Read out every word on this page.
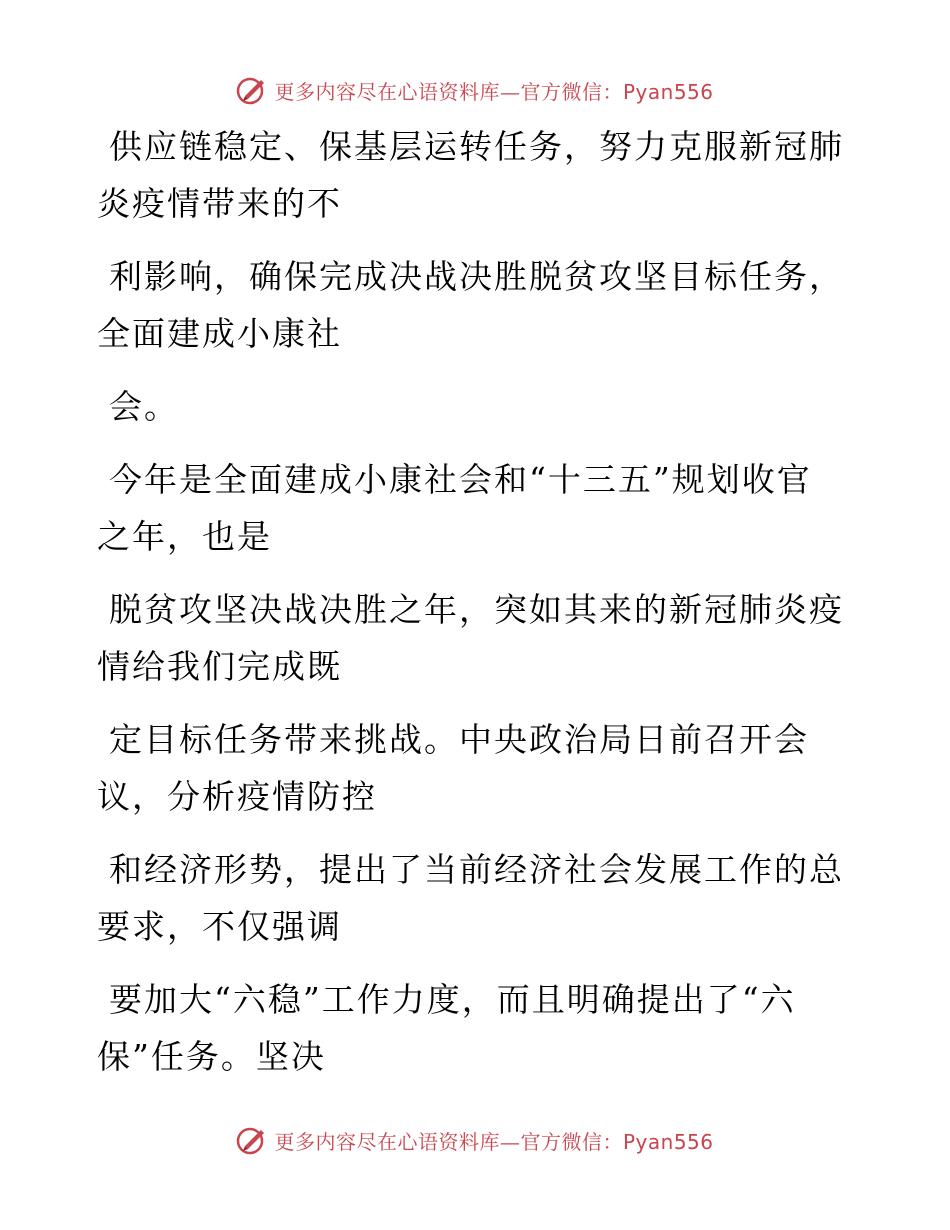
更多内容尽在心语资料库—官方微信：Pyan556

供应链稳定、保基层运转任务，努力克服新冠肺
炎疫情带来的不

利影响，确保完成决战决胜脱贫攻坚目标任务，
全面建成小康社

会。

今年是全面建成小康社会和“十三五”规划收官
之年，也是

脱贫攻坚决战决胜之年，突如其来的新冠肺炎疫
情给我们完成既

定目标任务带来挑战。中央政治局日前召开会
议，分析疫情防控

和经济形势，提出了当前经济社会发展工作的总
要求，不仅强调

要加大“六稳”工作力度，而且明确提出了“六
保”任务。坚决

更多内容尽在心语资料库—官方微信：Pyan556
